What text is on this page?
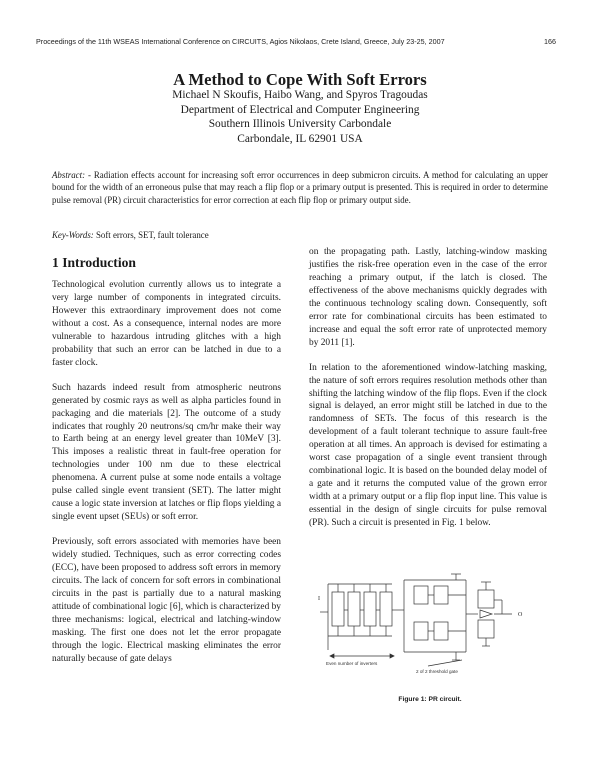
Proceedings of the 11th WSEAS International Conference on CIRCUITS, Agios Nikolaos, Crete Island, Greece, July 23-25, 2007	166
A Method to Cope With Soft Errors
Michael N Skoufis, Haibo Wang, and Spyros Tragoudas
Department of Electrical and Computer Engineering
Southern Illinois University Carbondale
Carbondale, IL 62901 USA
Abstract: - Radiation effects account for increasing soft error occurrences in deep submicron circuits. A method for calculating an upper bound for the width of an erroneous pulse that may reach a flip flop or a primary output is presented. This is required in order to determine pulse removal (PR) circuit characteristics for error correction at each flip flop or primary output side.
Key-Words: Soft errors, SET, fault tolerance
1 Introduction

Technological evolution currently allows us to integrate a very large number of components in integrated circuits. However this extraordinary improvement does not come without a cost. As a consequence, internal nodes are more vulnerable to hazardous intruding glitches with a high probability that such an error can be latched in due to a faster clock.

Such hazards indeed result from atmospheric neutrons generated by cosmic rays as well as alpha particles found in packaging and die materials [2]. The outcome of a study indicates that roughly 20 neutrons/sq cm/hr make their way to Earth being at an energy level greater than 10MeV [3]. This imposes a realistic threat in fault-free operation for technologies under 100 nm due to these electrical phenomena. A current pulse at some node entails a voltage pulse called single event transient (SET). The latter might cause a logic state inversion at latches or flip flops yielding a single event upset (SEUs) or soft error.

Previously, soft errors associated with memories have been widely studied. Techniques, such as error correcting codes (ECC), have been proposed to address soft errors in memory circuits. The lack of concern for soft errors in combinational circuits in the past is partially due to a natural masking attitude of combinational logic [6], which is characterized by three mechanisms: logical, electrical and latching-window masking. The first one does not let the error propagate through the logic. Electrical masking eliminates the error naturally because of gate delays

on the propagating path. Lastly, latching-window masking justifies the risk-free operation even in the case of the error reaching a primary output, if the latch is closed. The effectiveness of the above mechanisms quickly degrades with the continuous technology scaling down. Consequently, soft error rate for combinational circuits has been estimated to increase and equal the soft error rate of unprotected memory by 2011 [1].

In relation to the aforementioned window-latching masking, the nature of soft errors requires resolution methods other than shifting the latching window of the flip flops. Even if the clock signal is delayed, an error might still be latched in due to the randomness of SETs. The focus of this research is the development of a fault tolerant technique to assure fault-free operation at all times. An approach is devised for estimating a worst case propagation of a single event transient through combinational logic. It is based on the bounded delay model of a gate and it returns the computed value of the grown error width at a primary output or a flip flop input line. This value is essential in the design of single circuits for pulse removal (PR). Such a circuit is presented in Fig. 1 below.

I
O
Even number of inverters
2 of 2 threshold gate
Figure 1: PR circuit.
